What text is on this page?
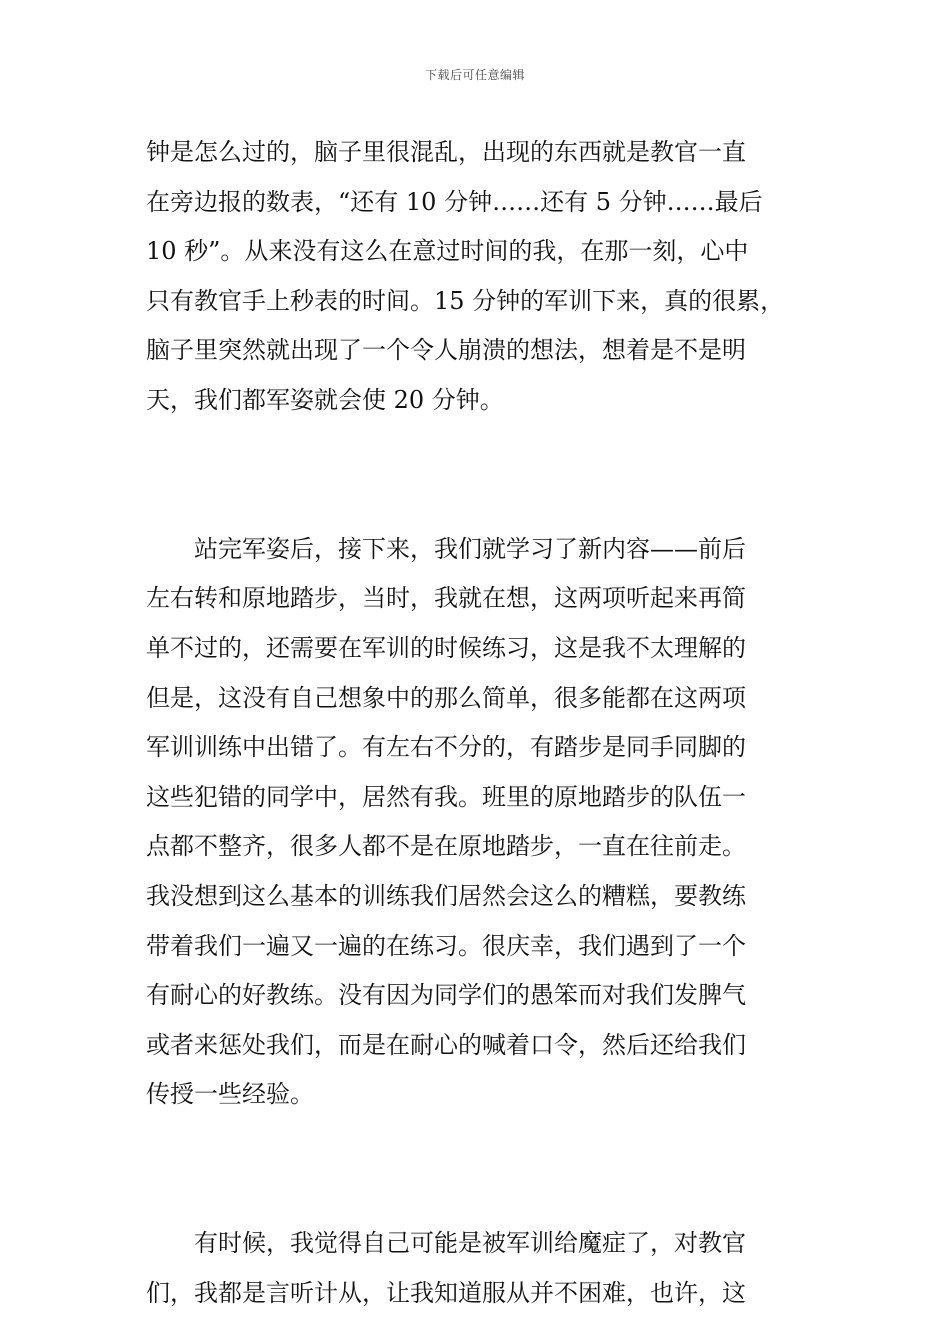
下载后可任意编辑
钟是怎么过的，脑子里很混乱，出现的东西就是教官一直
在旁边报的数表，“还有 10 分钟……还有 5 分钟……最后
10 秒”。从来没有这么在意过时间的我，在那一刻，心中
只有教官手上秒表的时间。15 分钟的军训下来，真的很累，
脑子里突然就出现了一个令人崩溃的想法，想着是不是明
天，我们都军姿就会使 20 分钟。
　　站完军姿后，接下来，我们就学习了新内容——前后
左右转和原地踏步，当时，我就在想，这两项听起来再简
单不过的，还需要在军训的时候练习，这是我不太理解的
但是，这没有自己想象中的那么简单，很多能都在这两项
军训训练中出错了。有左右不分的，有踏步是同手同脚的
这些犯错的同学中，居然有我。班里的原地踏步的队伍一
点都不整齐，很多人都不是在原地踏步，一直在往前走。
我没想到这么基本的训练我们居然会这么的糟糕，要教练
带着我们一遍又一遍的在练习。很庆幸，我们遇到了一个
有耐心的好教练。没有因为同学们的愚笨而对我们发脾气
或者来惩处我们，而是在耐心的喊着口令，然后还给我们
传授一些经验。
　　有时候，我觉得自己可能是被军训给魔症了，对教官
们，我都是言听计从，让我知道服从并不困难，也许，这
